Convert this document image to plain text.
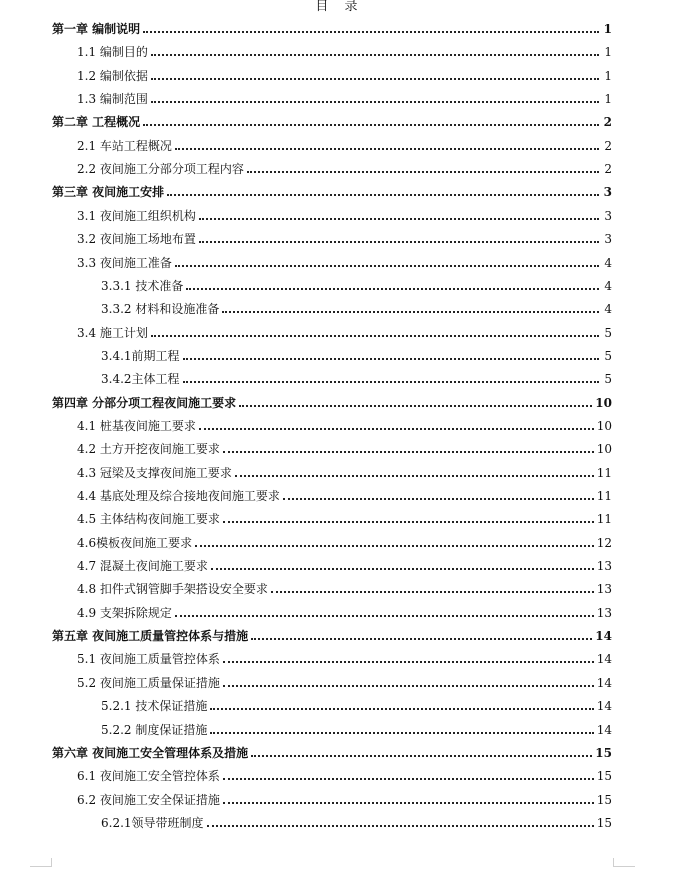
目 录
第一章 编制说明	1
1.1 编制目的	1
1.2 编制依据	1
1.3 编制范围	1
第二章 工程概况	2
2.1 车站工程概况	2
2.2 夜间施工分部分项工程内容	2
第三章 夜间施工安排	3
3.1 夜间施工组织机构	3
3.2 夜间施工场地布置	3
3.3 夜间施工准备	4
3.3.1 技术准备	4
3.3.2 材料和设施准备	4
3.4 施工计划	5
3.4.1前期工程	5
3.4.2主体工程	5
第四章 分部分项工程夜间施工要求	10
4.1 桩基夜间施工要求	10
4.2 土方开挖夜间施工要求	10
4.3 冠梁及支撑夜间施工要求	11
4.4 基底处理及综合接地夜间施工要求	11
4.5 主体结构夜间施工要求	11
4.6模板夜间施工要求	12
4.7 混凝土夜间施工要求	13
4.8 扣件式钢管脚手架搭设安全要求	13
4.9 支架拆除规定	13
第五章 夜间施工质量管控体系与措施	14
5.1 夜间施工质量管控体系	14
5.2 夜间施工质量保证措施	14
5.2.1 技术保证措施	14
5.2.2 制度保证措施	14
第六章 夜间施工安全管理体系及措施	15
6.1 夜间施工安全管控体系	15
6.2 夜间施工安全保证措施	15
6.2.1领导带班制度	15
